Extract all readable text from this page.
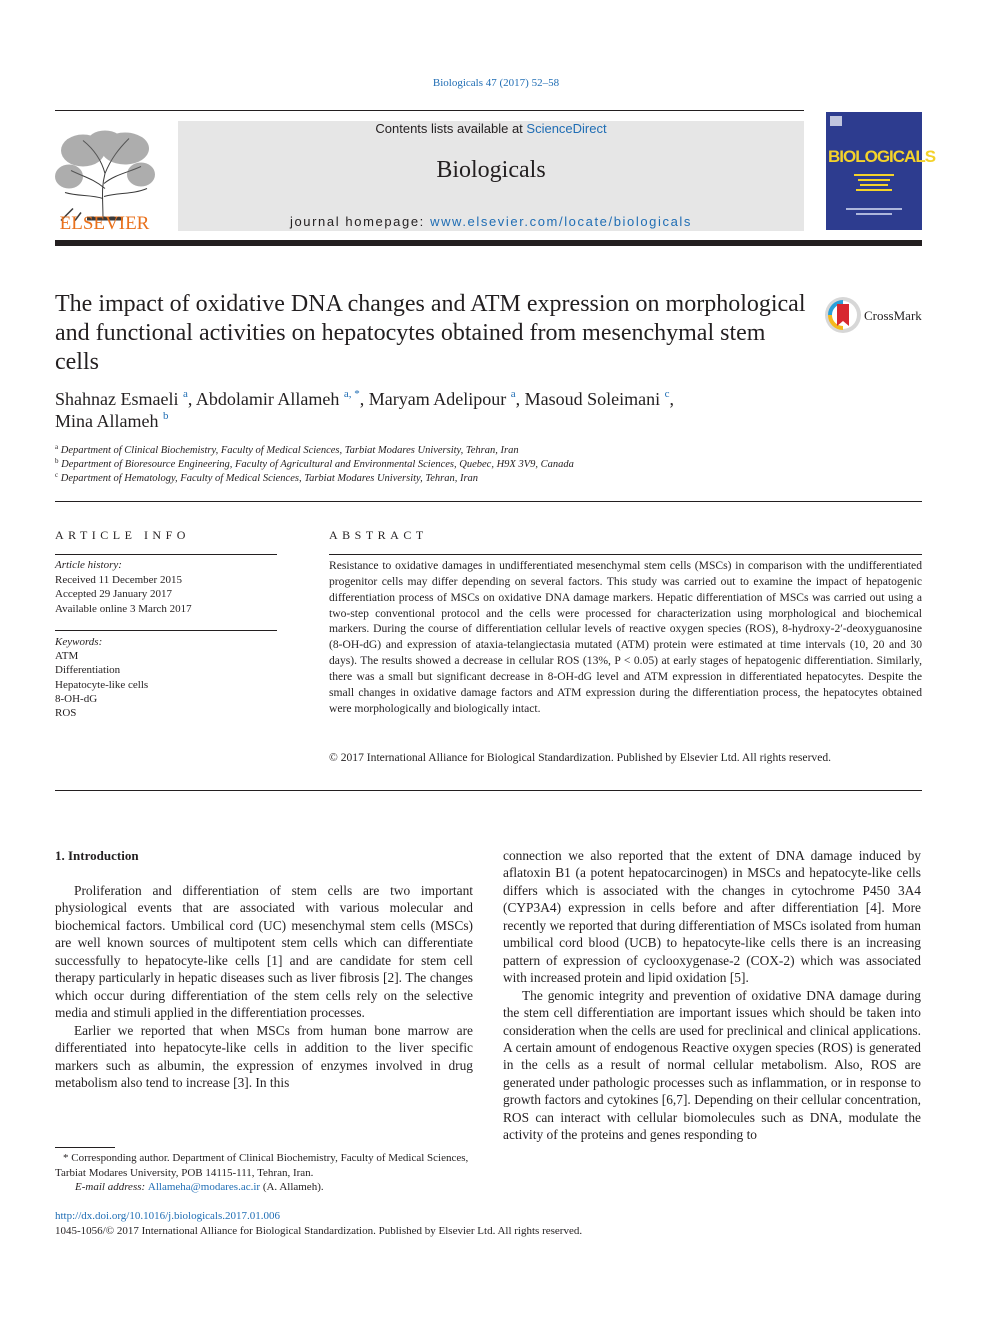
Biologicals 47 (2017) 52–58
ELSEVIER
Contents lists available at ScienceDirect
Biologicals
journal homepage: www.elsevier.com/locate/biologicals
BIOLOGICALS
The impact of oxidative DNA changes and ATM expression on morphological and functional activities on hepatocytes obtained from mesenchymal stem cells
CrossMark
Shahnaz Esmaeli $^a$, Abdolamir Allameh $^{a, *}$, Maryam Adelipour $^a$, Masoud Soleimani $^c$,
Mina Allameh $^b$
$^a$ Department of Clinical Biochemistry, Faculty of Medical Sciences, Tarbiat Modares University, Tehran, Iran
$^b$ Department of Bioresource Engineering, Faculty of Agricultural and Environmental Sciences, Quebec, H9X 3V9, Canada
$^c$ Department of Hematology, Faculty of Medical Sciences, Tarbiat Modares University, Tehran, Iran
ARTICLE INFO	ABSTRACT
Article history:
Received 11 December 2015
Accepted 29 January 2017
Available online 3 March 2017
Keywords:
ATM
Differentiation
Hepatocyte-like cells
8-OH-dG
ROS
Resistance to oxidative damages in undifferentiated mesenchymal stem cells (MSCs) in comparison with the undifferentiated progenitor cells may differ depending on several factors. This study was carried out to examine the impact of hepatogenic differentiation process of MSCs on oxidative DNA damage markers. Hepatic differentiation of MSCs was carried out using a two-step conventional protocol and the cells were processed for characterization using morphological and biochemical markers. During the course of differentiation cellular levels of reactive oxygen species (ROS), 8-hydroxy-2′-deoxyguanosine (8-OH-dG) and expression of ataxia-telangiectasia mutated (ATM) protein were estimated at time intervals (10, 20 and 30 days). The results showed a decrease in cellular ROS (13%, P < 0.05) at early stages of hepatogenic differentiation. Similarly, there was a small but significant decrease in 8-OH-dG level and ATM expression in differentiated hepatocytes. Despite the small changes in oxidative damage factors and ATM expression during the differentiation process, the hepatocytes obtained were morphologically and biologically intact.
© 2017 International Alliance for Biological Standardization. Published by Elsevier Ltd. All rights reserved.
1. Introduction

Proliferation and differentiation of stem cells are two important physiological events that are associated with various molecular and biochemical factors. Umbilical cord (UC) mesenchymal stem cells (MSCs) are well known sources of multipotent stem cells which can differentiate successfully to hepatocyte-like cells [1] and are candidate for stem cell therapy particularly in hepatic diseases such as liver fibrosis [2]. The changes which occur during differentiation of the stem cells rely on the selective media and stimuli applied in the differentiation processes.

Earlier we reported that when MSCs from human bone marrow are differentiated into hepatocyte-like cells in addition to the liver specific markers such as albumin, the expression of enzymes involved in drug metabolism also tend to increase [3]. In this

connection we also reported that the extent of DNA damage induced by aflatoxin B1 (a potent hepatocarcinogen) in MSCs and hepatocyte-like cells differs which is associated with the changes in cytochrome P450 3A4 (CYP3A4) expression in cells before and after differentiation [4]. More recently we reported that during differentiation of MSCs isolated from human umbilical cord blood (UCB) to hepatocyte-like cells there is an increasing pattern of expression of cyclooxygenase-2 (COX-2) which was associated with increased protein and lipid oxidation [5].

The genomic integrity and prevention of oxidative DNA damage during the stem cell differentiation are important issues which should be taken into consideration when the cells are used for preclinical and clinical applications. A certain amount of endogenous Reactive oxygen species (ROS) is generated in the cells as a result of normal cellular metabolism. Also, ROS are generated under pathologic processes such as inflammation, or in response to growth factors and cytokines [6,7]. Depending on their cellular concentration, ROS can interact with cellular biomolecules such as DNA, modulate the activity of the proteins and genes responding to

* Corresponding author. Department of Clinical Biochemistry, Faculty of Medical Sciences, Tarbiat Modares University, POB 14115-111, Tehran, Iran.

E-mail address: Allameha@modares.ac.ir (A. Allameh).

http://dx.doi.org/10.1016/j.biologicals.2017.01.006
1045-1056/© 2017 International Alliance for Biological Standardization. Published by Elsevier Ltd. All rights reserved.
